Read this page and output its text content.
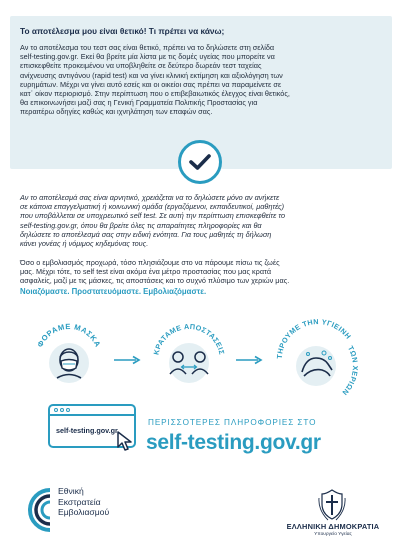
Το αποτέλεσμα μου είναι θετικό! Τι πρέπει να κάνω;
Αν το αποτέλεσμα του τεστ σας είναι θετικό, πρέπει να το δηλώσετε στη σελίδα
self-testing.gov.gr. Εκεί θα βρείτε μία λίστα με τις δομές υγείας που μπορείτε να
επισκεφθείτε προκειμένου να υποβληθείτε σε δεύτερο δωρεάν τεστ ταχείας
ανίχνευσης αντιγόνου (rapid test) και να γίνει κλινική εκτίμηση και αξιολόγηση των
ευρημάτων. Μέχρι να γίνει αυτό εσείς και οι οικείοι σας πρέπει να παραμείνετε σε
κατ᾽ οίκον περιορισμό. Στην περίπτωση που ο επιβεβαιωτικός έλεγχος είναι θετικός,
θα επικοινωνήσει μαζί σας η Γενική Γραμματεία Πολιτικής Προστασίας για
περαιτέρω οδηγίες καθώς και ιχνηλάτηση των επαφών σας.
Αν το αποτέλεσμά σας είναι αρνητικό, χρειάζεται να το δηλώσετε μόνο αν ανήκετε
σε κάποια επαγγελματική ή κοινωνική ομάδα (εργαζόμενοι, εκπαιδευτικοί, μαθητές)
που υποβάλλεται σε υποχρεωτικό self test. Σε αυτή την περίπτωση επισκεφθείτε το
self-testing.gov.gr, όπου θα βρείτε όλες τις απαραίτητες πληροφορίες και θα
δηλώσετε το αποτέλεσμά σας στην ειδική ενότητα. Για τους μαθητές τη δήλωση
κάνει γονέας ή νόμιμος κηδεμόνας τους.
Όσο ο εμβολιασμός προχωρά, τόσο πλησιάζουμε στο να πάρουμε πίσω τις ζωές
μας. Μέχρι τότε, το self test είναι ακόμα ένα μέτρο προστασίας που μας κρατά
ασφαλείς, μαζί με τις μάσκες, τις αποστάσεις και το συχνό πλύσιμο των χεριών μας.
Νοιαζόμαστε. Προστατευόμαστε. Εμβολιαζόμαστε.
ΦΟΡΑΜΕ ΜΑΣΚΑ
ΚΡΑΤΑΜΕ ΑΠΟΣΤΑΣΕΙΣ
ΤΗΡΟΥΜΕ ΤΗΝ ΥΓΙΕΙΝΗ
ΤΩΝ ΧΕΡΙΩΝ
self-testing.gov.gr
ΠΕΡΙΣΣΟΤΕΡΕΣ ΠΛΗΡΟΦΟΡΙΕΣ ΣΤΟ
self-testing.gov.gr
Εθνική
Εκστρατεία
Εμβολιασμού
ΕΛΛΗΝΙΚΗ ΔΗΜΟΚΡΑΤΙΑ
Υπουργείο Υγείας
